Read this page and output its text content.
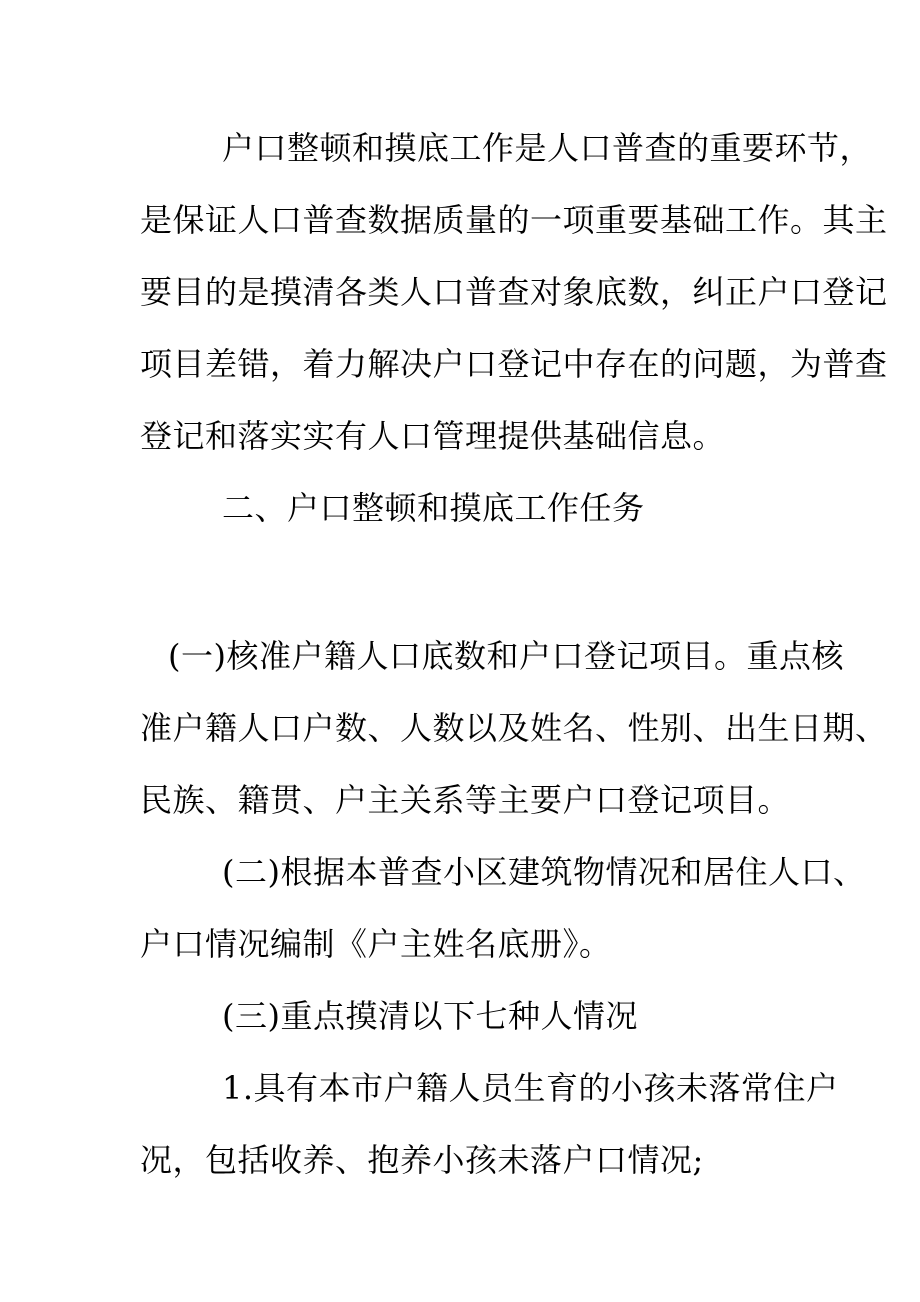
户口整顿和摸底工作是人口普查的重要环节，

是保证人口普查数据质量的一项重要基础工作。其主

要目的是摸清各类人口普查对象底数，纠正户口登记

项目差错，着力解决户口登记中存在的问题，为普查

登记和落实实有人口管理提供基础信息。

二、户口整顿和摸底工作任务

(一)核准户籍人口底数和户口登记项目。重点核

准户籍人口户数、人数以及姓名、性别、出生日期、

民族、籍贯、户主关系等主要户口登记项目。

(二)根据本普查小区建筑物情况和居住人口、

户口情况编制《户主姓名底册》。

(三)重点摸清以下七种人情况

1.具有本市户籍人员生育的小孩未落常住户

况，包括收养、抱养小孩未落户口情况;
